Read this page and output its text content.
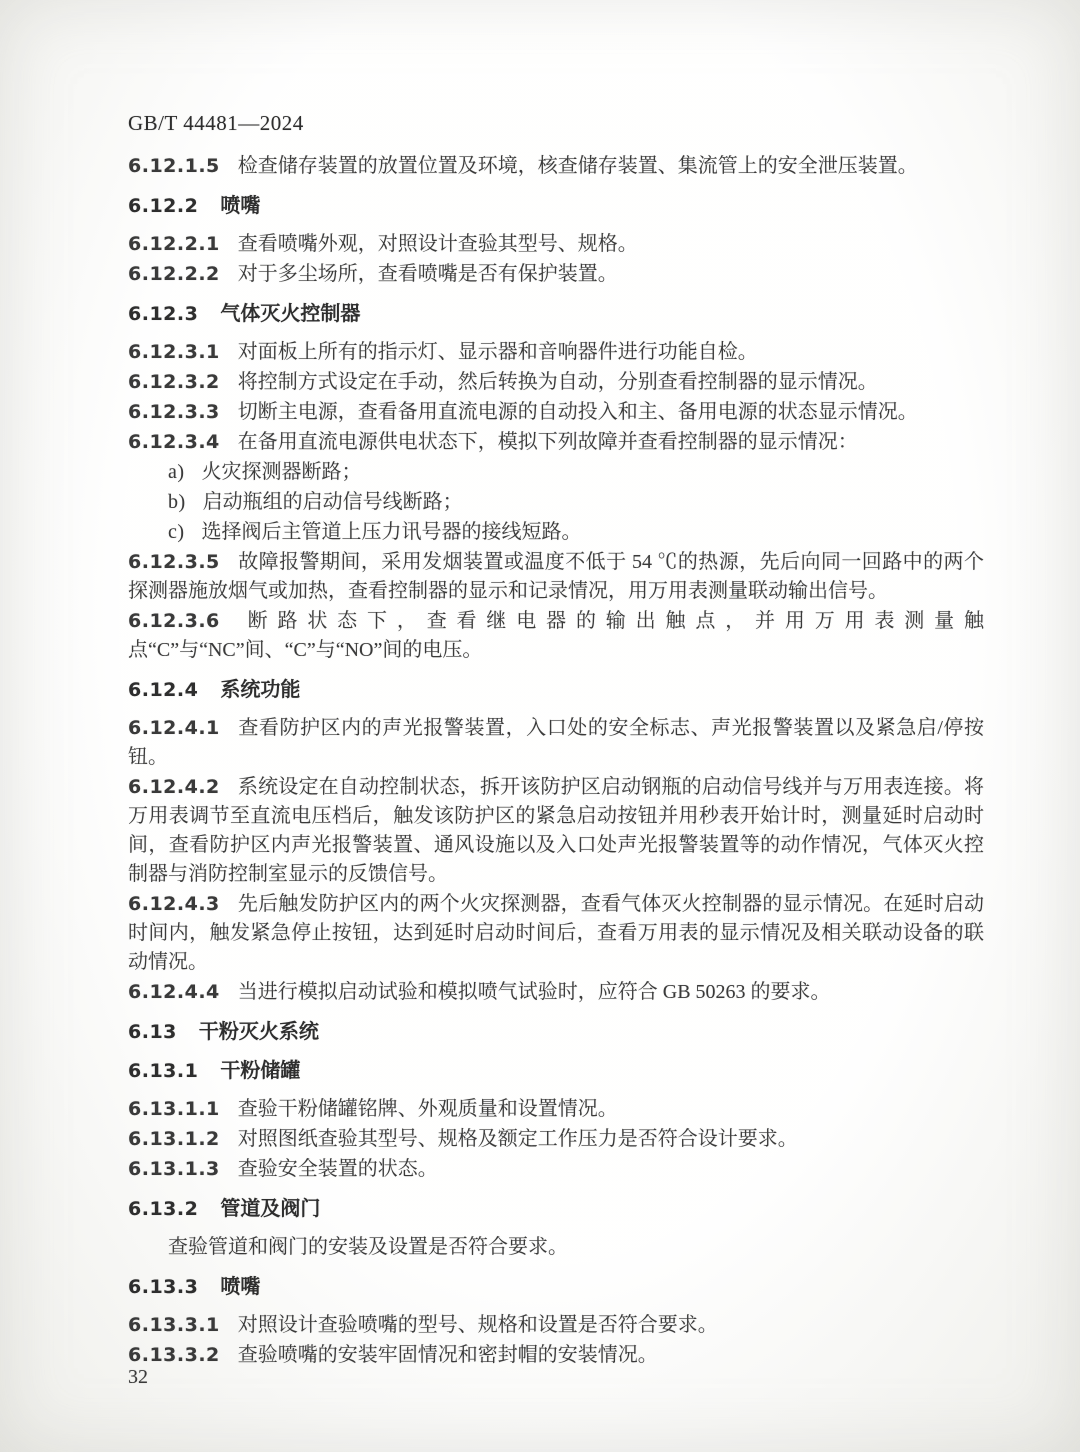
GB/T 44481—2024
6.12.1.5 检查储存装置的放置位置及环境，核查储存装置、集流管上的安全泄压装置。
6.12.2 喷嘴
6.12.2.1 查看喷嘴外观，对照设计查验其型号、规格。
6.12.2.2 对于多尘场所，查看喷嘴是否有保护装置。
6.12.3 气体灭火控制器
6.12.3.1 对面板上所有的指示灯、显示器和音响器件进行功能自检。
6.12.3.2 将控制方式设定在手动，然后转换为自动，分别查看控制器的显示情况。
6.12.3.3 切断主电源，查看备用直流电源的自动投入和主、备用电源的状态显示情况。
6.12.3.4 在备用直流电源供电状态下，模拟下列故障并查看控制器的显示情况：
a) 火灾探测器断路；
b) 启动瓶组的启动信号线断路；
c) 选择阀后主管道上压力讯号器的接线短路。
6.12.3.5 故障报警期间，采用发烟装置或温度不低于 54 ℃的热源，先后向同一回路中的两个探测器施放烟气或加热，查看控制器的显示和记录情况，用万用表测量联动输出信号。
6.12.3.6 断路状态下，查看继电器的输出触点，并用万用表测量触点“C”与“NC”间、“C”与“NO”间的电压。
6.12.4 系统功能
6.12.4.1 查看防护区内的声光报警装置，入口处的安全标志、声光报警装置以及紧急启/停按钮。
6.12.4.2 系统设定在自动控制状态，拆开该防护区启动钢瓶的启动信号线并与万用表连接。将万用表调节至直流电压档后，触发该防护区的紧急启动按钮并用秒表开始计时，测量延时启动时间，查看防护区内声光报警装置、通风设施以及入口处声光报警装置等的动作情况，气体灭火控制器与消防控制室显示的反馈信号。
6.12.4.3 先后触发防护区内的两个火灾探测器，查看气体灭火控制器的显示情况。在延时启动时间内，触发紧急停止按钮，达到延时启动时间后，查看万用表的显示情况及相关联动设备的联动情况。
6.12.4.4 当进行模拟启动试验和模拟喷气试验时，应符合 GB 50263 的要求。
6.13 干粉灭火系统
6.13.1 干粉储罐
6.13.1.1 查验干粉储罐铭牌、外观质量和设置情况。
6.13.1.2 对照图纸查验其型号、规格及额定工作压力是否符合设计要求。
6.13.1.3 查验安全装置的状态。
6.13.2 管道及阀门
查验管道和阀门的安装及设置是否符合要求。
6.13.3 喷嘴
6.13.3.1 对照设计查验喷嘴的型号、规格和设置是否符合要求。
6.13.3.2 查验喷嘴的安装牢固情况和密封帽的安装情况。
32
